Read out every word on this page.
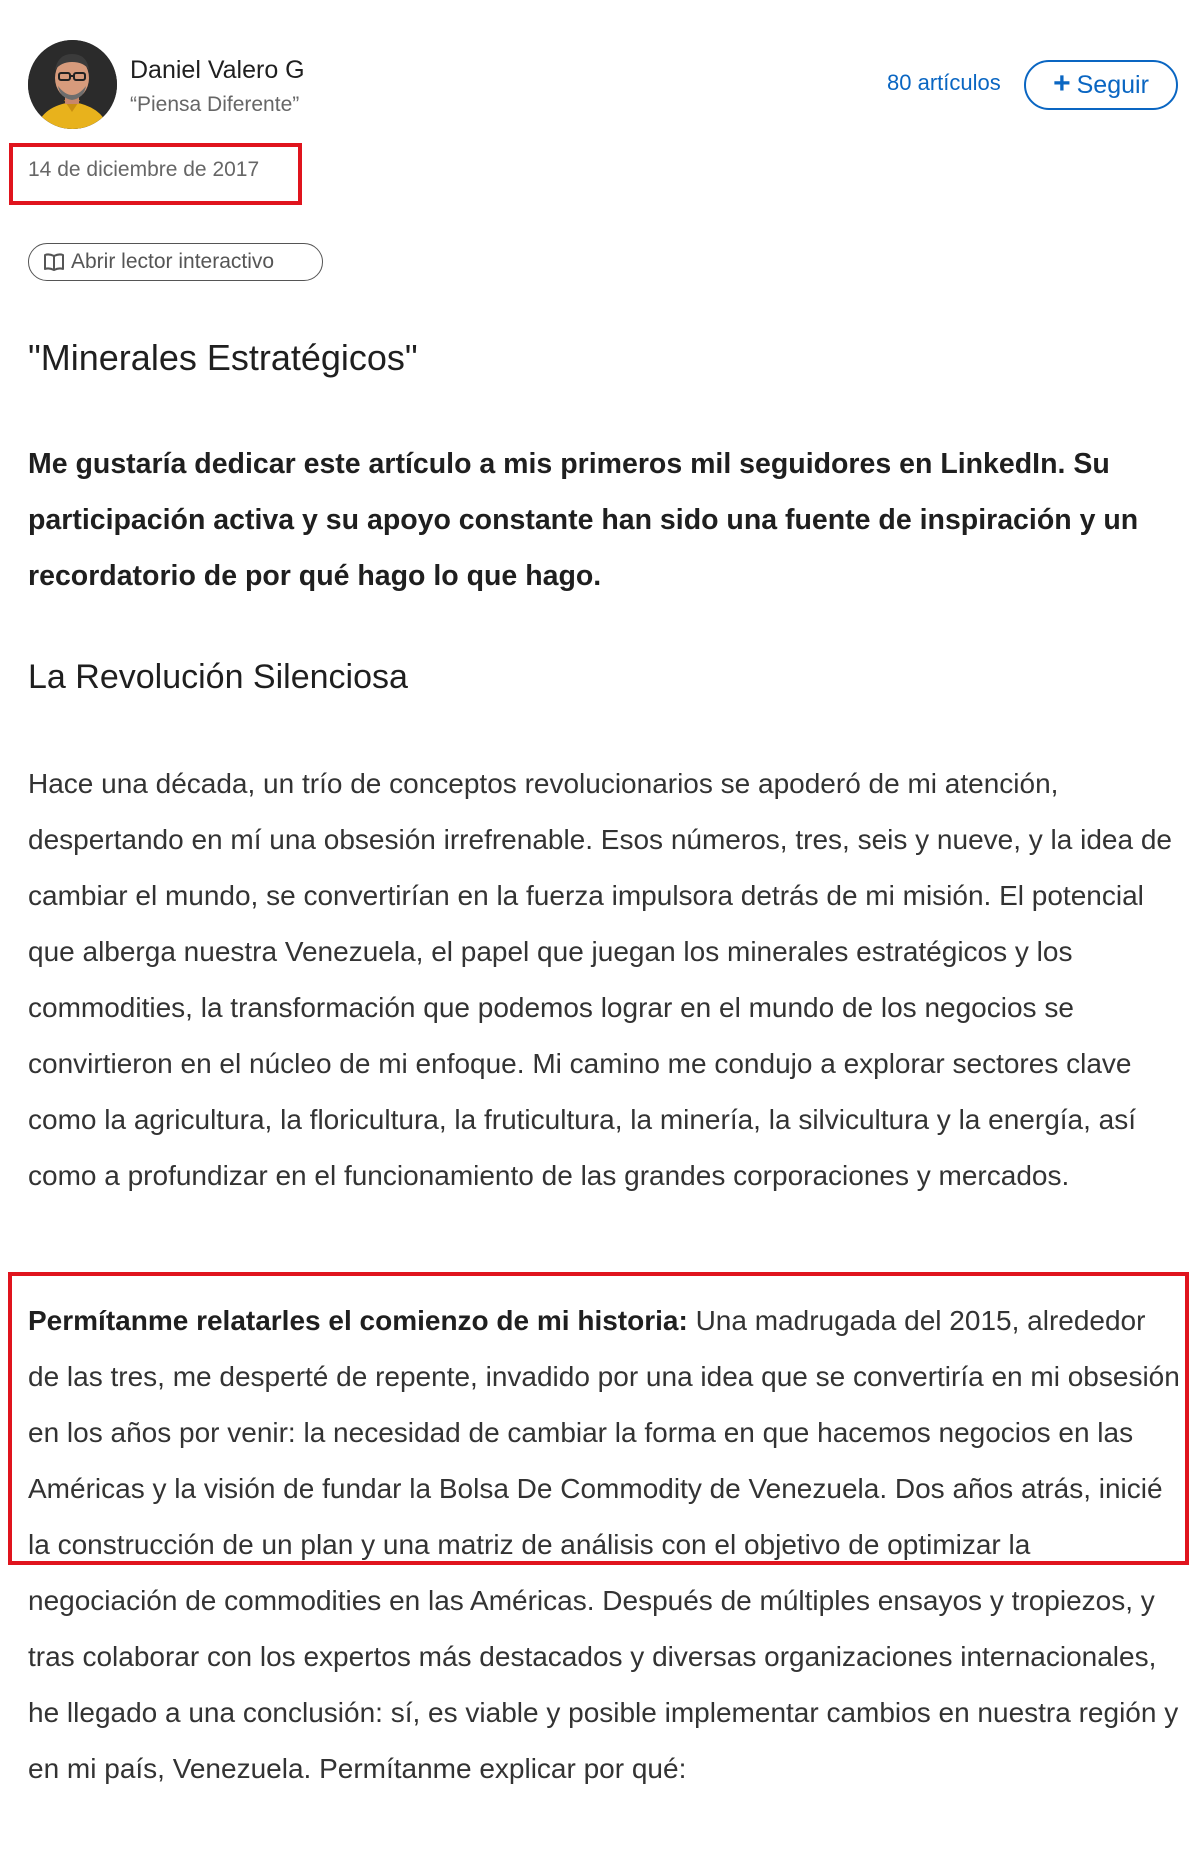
Daniel Valero G
“Piensa Diferente”
80 artículos + Seguir
14 de diciembre de 2017
Abrir lector interactivo
"Minerales Estratégicos"

Me gustaría dedicar este artículo a mis primeros mil seguidores en LinkedIn. Su participación activa y su apoyo constante han sido una fuente de inspiración y un recordatorio de por qué hago lo que hago.

La Revolución Silenciosa

Hace una década, un trío de conceptos revolucionarios se apoderó de mi atención, despertando en mí una obsesión irrefrenable. Esos números, tres, seis y nueve, y la idea de cambiar el mundo, se convertirían en la fuerza impulsora detrás de mi misión. El potencial que alberga nuestra Venezuela, el papel que juegan los minerales estratégicos y los commodities, la transformación que podemos lograr en el mundo de los negocios se convirtieron en el núcleo de mi enfoque. Mi camino me condujo a explorar sectores clave como la agricultura, la floricultura, la fruticultura, la minería, la silvicultura y la energía, así como a profundizar en el funcionamiento de las grandes corporaciones y mercados.

Permítanme relatarles el comienzo de mi historia: Una madrugada del 2015, alrededor de las tres, me desperté de repente, invadido por una idea que se convertiría en mi obsesión en los años por venir: la necesidad de cambiar la forma en que hacemos negocios en las Américas y la visión de fundar la Bolsa De Commodity de Venezuela. Dos años atrás, inicié la construcción de un plan y una matriz de análisis con el objetivo de optimizar la negociación de commodities en las Américas. Después de múltiples ensayos y tropiezos, y tras colaborar con los expertos más destacados y diversas organizaciones internacionales, he llegado a una conclusión: sí, es viable y posible implementar cambios en nuestra región y en mi país, Venezuela. Permítanme explicar por qué:
